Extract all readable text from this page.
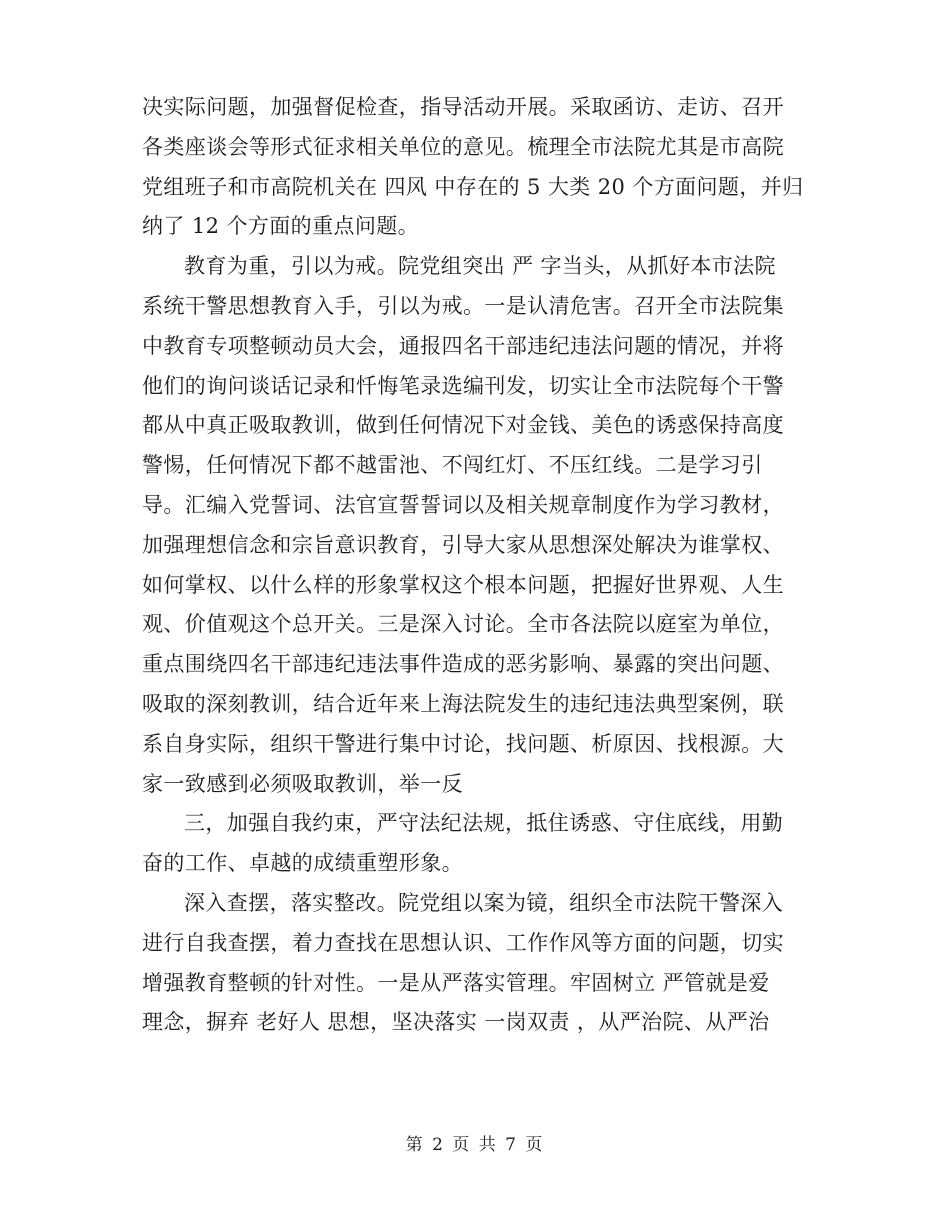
决实际问题，加强督促检查，指导活动开展。采取函访、走访、召开
各类座谈会等形式征求相关单位的意见。梳理全市法院尤其是市高院
党组班子和市高院机关在 四风 中存在的 5 大类 20 个方面问题，并归
纳了 12 个方面的重点问题。
教育为重，引以为戒。院党组突出 严 字当头，从抓好本市法院
系统干警思想教育入手，引以为戒。一是认清危害。召开全市法院集
中教育专项整顿动员大会，通报四名干部违纪违法问题的情况，并将
他们的询问谈话记录和忏悔笔录选编刊发，切实让全市法院每个干警
都从中真正吸取教训，做到任何情况下对金钱、美色的诱惑保持高度
警惕，任何情况下都不越雷池、不闯红灯、不压红线。二是学习引
导。汇编入党誓词、法官宣誓誓词以及相关规章制度作为学习教材，
加强理想信念和宗旨意识教育，引导大家从思想深处解决为谁掌权、
如何掌权、以什么样的形象掌权这个根本问题，把握好世界观、人生
观、价值观这个总开关。三是深入讨论。全市各法院以庭室为单位，
重点围绕四名干部违纪违法事件造成的恶劣影响、暴露的突出问题、
吸取的深刻教训，结合近年来上海法院发生的违纪违法典型案例，联
系自身实际，组织干警进行集中讨论，找问题、析原因、找根源。大
家一致感到必须吸取教训，举一反
三，加强自我约束，严守法纪法规，抵住诱惑、守住底线，用勤
奋的工作、卓越的成绩重塑形象。
深入查摆，落实整改。院党组以案为镜，组织全市法院干警深入
进行自我查摆，着力查找在思想认识、工作作风等方面的问题，切实
增强教育整顿的针对性。一是从严落实管理。牢固树立 严管就是爱
理念，摒弃 老好人 思想，坚决落实 一岗双责 ，从严治院、从严治
第 2 页 共 7 页
